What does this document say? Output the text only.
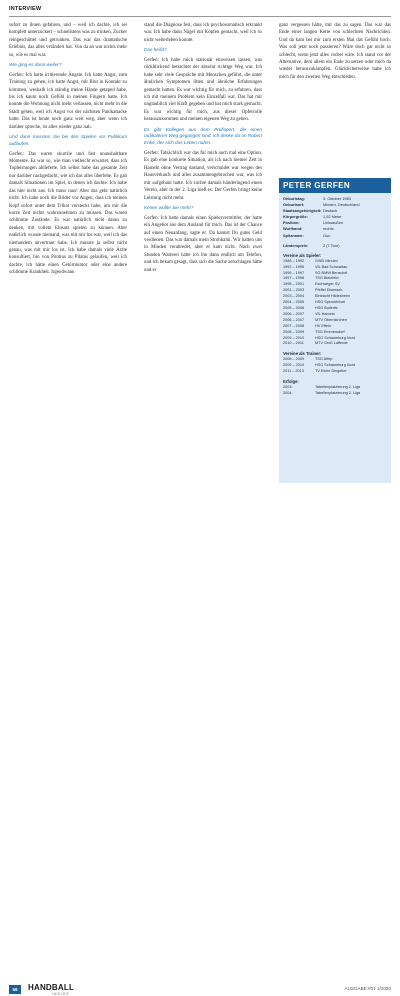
INTERVIEW

sofort zu ihnen gefahren, und – weil ich dachte, ich sei komplett unterzuckert – schnellstens was zu trinken, Zucker reingeschüttet und getrunken. Das war das dramatische Erlebnis, das alles verändert hat. Von da an war nichts mehr so, wie es mal war.

Wie ging es dann weiter?

Gerfen: Ich hatte irritierende Ängste. Ich hatte Angst, zum Training zu gehen, ich hatte Angst, mit Blut in Kontakt zu kommen, weshalb ich ständig meine Hände getaped habe, bis ich kaum noch Gefühl in meinen Fingern hatte. Ich konnte die Wohnung nicht mehr verlassen, nicht mehr in die Stadt gehen, weil ich Angst vor der nächsten Panikattacke hatte. Das ist heute noch ganz weit weg, aber wenn ich darüber spreche, ist alles wieder ganz nah.

Und dann mussten Sie bei den Spielen vor Publikum auflaufen.

Gerfen: Das waren skurrile und fast unaushaltbare Momente. Es war so, wie man vielleicht erwartet, dass ich Topleistungen ablieferte. Ich selbst habe das gesamte Zeit nur darüber nachgedacht, wie ich das alles überlebe. Es gab damals Situationen im Spiel, in denen ich dachte: Ich halte das hier nicht aus. Ich muss raus! Aber das geht natürlich nicht. Ich habe noch die Bilder vor Augen, dass ich meinen Kopf sofort unter dem Trikot versteckt habe, um mir die kurze Zeit nichts wahrzunehmen zu müssen. Das waren schlimme Zustände. Es war natürlich nicht daran zu denken, mit vollem Einsatz spielen zu können. Aber natürlich wusste niemand, was mit mir los war, weil ich das niemandem anvertraut habe. Ich musste ja selbst nicht genau, was mit mir los ist. Ich habe damals viele Ärzte konsultiert, bin von Pontius zu Pilatus gelaufen, weil ich dachte, ich hätte einen Gehirntumor oder eine andere schlimme Krankheit. Irgendwann

stand die Diagnose fest, dass ich psychosomatisch erkrankt war. Ich habe dann Nägel mit Köpfen gemacht, weil ich so nicht weiterleben konnte.

Das heißt?

Gerfen: Ich habe mich stationär einweisen lassen, was rückblickend betrachtet der absolut richtige Weg war. Ich habe sehr viele Gespräche mit Menschen geführt, die unter ähnlichen Symptomen litten und ähnliche Erfahrungen gemacht hatten. Es war wichtig für mich, zu erfahren, dass ich mit meinem Problem kein Einzelfall war. Das hat mir unglaublich viel Kraft gegeben und hat mich stark gemacht. Es war wichtig für mich, aus dieser Opferrolle herauszukommen und meinen eigenen Weg zu gehen.

Es gibt Kollegen aus dem Profisport, die einen radikaleren Weg gegangen sind. Ich denke da an Robert Enke, der sich das Leben nahm.

Gerfen: Tatsächlich war das für mich auch mal eine Option. Es gab eine konkrete Situation, als ich nach meiner Zeit in Hameln ohne Vertrag dastand, verschuldet war wegen des Hausverkaufs und alles zusammengebrochen war, was ich mir aufgebaut hatte. Ich suchte damals händeringend einen Verein, aber in der 2. Liga hieß es: Der Gerfen bringt keine Leistung nicht mehr.

Keiner wollte Sie mehr?

Gerfen: Ich hatte damals einen Spielervermittler, der hatte ein Angebot aus dem Ausland für mich. Das ist der Chance auf einen Neuanfang, sagte er. Da kannst Du gutes Geld verdienen. Das war damals mein Strohhalm. Wir hatten uns in Minden verabredet, aber er kam nicht. Nach zwei Stunden Warterei hatte ich ihn dann endlich am Telefon, und ich bekam gesagt, dass sich die Sache zerschlagen hätte und er

ganz vergessen hätte, mir das zu sagen. Das war das Ende einer langen Kette von schlechten Nachrichten. Und da kam bei mir zum ersten Mal das Gefühl hoch: Was soll jetzt noch passieren? Wäre doch gar nicht so schlecht, wenn jetzt alles vorbei wäre. Ich stand vor der Alternative, dem allem ein Ende zu setzen oder mich da wieder herauszukämpfen. Glücklicherweise habe ich mich für den zweiten Weg entschieden.

PETER GERFEN
Geburtstag:	3. Oktober 1983
Geburtsort:	Minden, Deutschland
Staatsangehörigkeit: Deutsch
Körpergröße:	1,92 Meter
Position:	Linksaußen
Wurfhand:	rechts
Spitzname:	Gun
Länderspiele:	2 (7 Tore)
Vereine als Spieler:
1986 – 1992	GWD Minden
1992 – 1995	VfL Bad Schwartau
1995 – 1997	SG BMW Bensdorf
1997 – 1998	TSG Bielefeld
1998 – 2001	Eschweger SV
2001 – 2003	Pfeffel Eisenach
2003 – 2004	Eintracht Hildesheim
2004 – 2005	HSG Sprockhövel
2005 – 2006	HSG Bulleritz
2006 – 2007	VfL Hameln
2006 – 2007	MTV Obernkirchen
2007 – 2008	HV Effeln
2008 – 2009	TSG Emmersdorf
2009 – 2010	HSG Schaumburg Nord
2010 – 2011	MTV Groß Lafferde
Vereine als Trainer:
2008 – 2009	TSG Altrip
2009 – 2010	HSG Schaumburg Nord
2011 – 2013	TV Eiche Dingelbe
Erfolge:
2003:	Tabellenplatzierung 2. Liga
2004:	Tabellenplatzierung 2. Liga
56	HANDBALL
INSIDE
AUSGABE #01 1/2020
